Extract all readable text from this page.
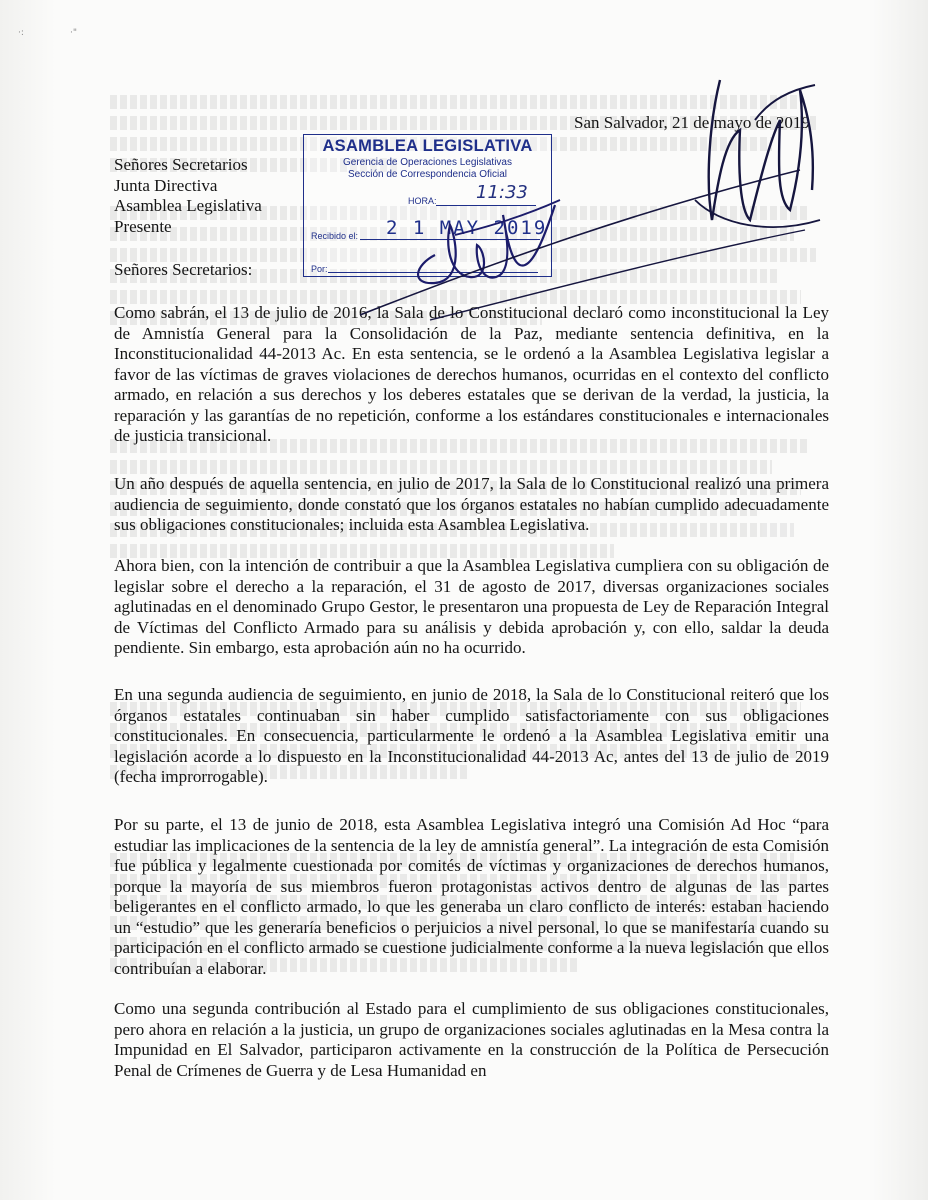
·:	·"
San Salvador, 21 de mayo de 2019
Señores Secretarios
Junta Directiva
Asamblea Legislativa
Presente
Señores Secretarios:

Como sabrán, el 13 de julio de 2016, la Sala de lo Constitucional declaró como inconstitucional la Ley de Amnistía General para la Consolidación de la Paz, mediante sentencia definitiva, en la Inconstitucionalidad 44-2013 Ac. En esta sentencia, se le ordenó a la Asamblea Legislativa legislar a favor de las víctimas de graves violaciones de derechos humanos, ocurridas en el contexto del conflicto armado, en relación a sus derechos y los deberes estatales que se derivan de la verdad, la justicia, la reparación y las garantías de no repetición, conforme a los estándares constitucionales e internacionales de justicia transicional.

Un año después de aquella sentencia, en julio de 2017, la Sala de lo Constitucional realizó una primera audiencia de seguimiento, donde constató que los órganos estatales no habían cumplido adecuadamente sus obligaciones constitucionales; incluida esta Asamblea Legislativa.

Ahora bien, con la intención de contribuir a que la Asamblea Legislativa cumpliera con su obligación de legislar sobre el derecho a la reparación, el 31 de agosto de 2017, diversas organizaciones sociales aglutinadas en el denominado Grupo Gestor, le presentaron una propuesta de Ley de Reparación Integral de Víctimas del Conflicto Armado para su análisis y debida aprobación y, con ello, saldar la deuda pendiente. Sin embargo, esta aprobación aún no ha ocurrido.

En una segunda audiencia de seguimiento, en junio de 2018, la Sala de lo Constitucional reiteró que los órganos estatales continuaban sin haber cumplido satisfactoriamente con sus obligaciones constitucionales. En consecuencia, particularmente le ordenó a la Asamblea Legislativa emitir una legislación acorde a lo dispuesto en la Inconstitucionalidad 44-2013 Ac, antes del 13 de julio de 2019 (fecha improrrogable).

Por su parte, el 13 de junio de 2018, esta Asamblea Legislativa integró una Comisión Ad Hoc “para estudiar las implicaciones de la sentencia de la ley de amnistía general”. La integración de esta Comisión fue pública y legalmente cuestionada por comités de víctimas y organizaciones de derechos humanos, porque la mayoría de sus miembros fueron protagonistas activos dentro de algunas de las partes beligerantes en el conflicto armado, lo que les generaba un claro conflicto de interés: estaban haciendo un “estudio” que les generaría beneficios o perjuicios a nivel personal, lo que se manifestaría cuando su participación en el conflicto armado se cuestione judicialmente conforme a la nueva legislación que ellos contribuían a elaborar.

Como una segunda contribución al Estado para el cumplimiento de sus obligaciones constitucionales, pero ahora en relación a la justicia, un grupo de organizaciones sociales aglutinadas en la Mesa contra la Impunidad en El Salvador, participaron activamente en la construcción de la Política de Persecución Penal de Crímenes de Guerra y de Lesa Humanidad en

ASAMBLEA LEGISLATIVA
Gerencia de Operaciones Legislativas
Sección de Correspondencia Oficial
HORA: 11:33
Recibido el: 2 1 MAY 2019
Por:
